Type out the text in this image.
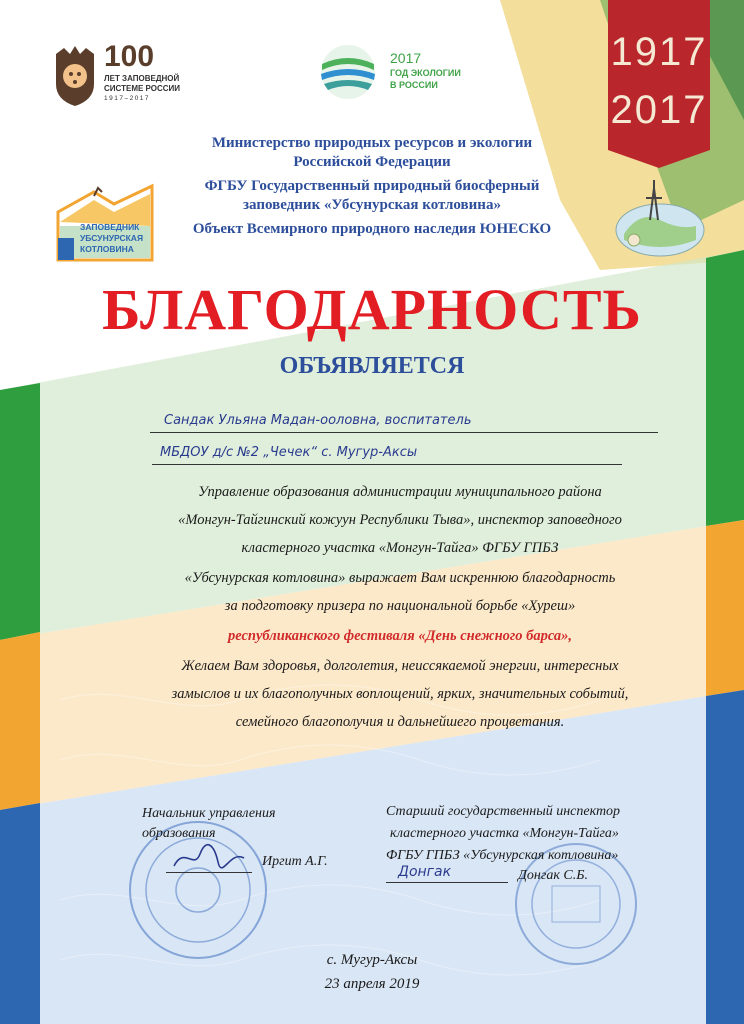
100
ЛЕТ ЗАПОВЕДНОЙ
СИСТЕМЕ РОССИИ
1917–2017
2017
ГОД ЭКОЛОГИИ
В РОССИИ
1917
2017
Министерство природных ресурсов и экологии
Российской Федерации
ФГБУ Государственный природный биосферный
заповедник «Убсунурская котловина»
Объект Всемирного природного наследия ЮНЕСКО
ЗАПОВЕДНИК
УБСУНУРСКАЯ
КОТЛОВИНА
БЛАГОДАРНОСТЬ
ОБЪЯВЛЯЕТСЯ
Сандак Ульяна Мадан-ооловна, воспитатель
МБДОУ д/с №2 „Чечек“ с. Мугур-Аксы
Управление образования администрации муниципального района
«Монгун-Тайгинский кожуун Республики Тыва», инспектор заповедного
кластерного участка «Монгун-Тайга» ФГБУ ГПБЗ
«Убсунурская котловина» выражает Вам искреннюю благодарность
за подготовку призера по национальной борьбе «Хуреш»
республиканского фестиваля «День снежного барса»,
Желаем Вам здоровья, долголетия, неиссякаемой энергии, интересных
замыслов и их благополучных воплощений, ярких, значительных событий,
семейного благополучия и дальнейшего процветания.
Начальник управления
образования
Иргит А.Г.
Старший государственный инспектор
кластерного участка «Монгун-Тайга»
ФГБУ ГПБЗ «Убсунурская котловина»
Донгак	Донгак С.Б.
с. Мугур-Аксы
23 апреля 2019
